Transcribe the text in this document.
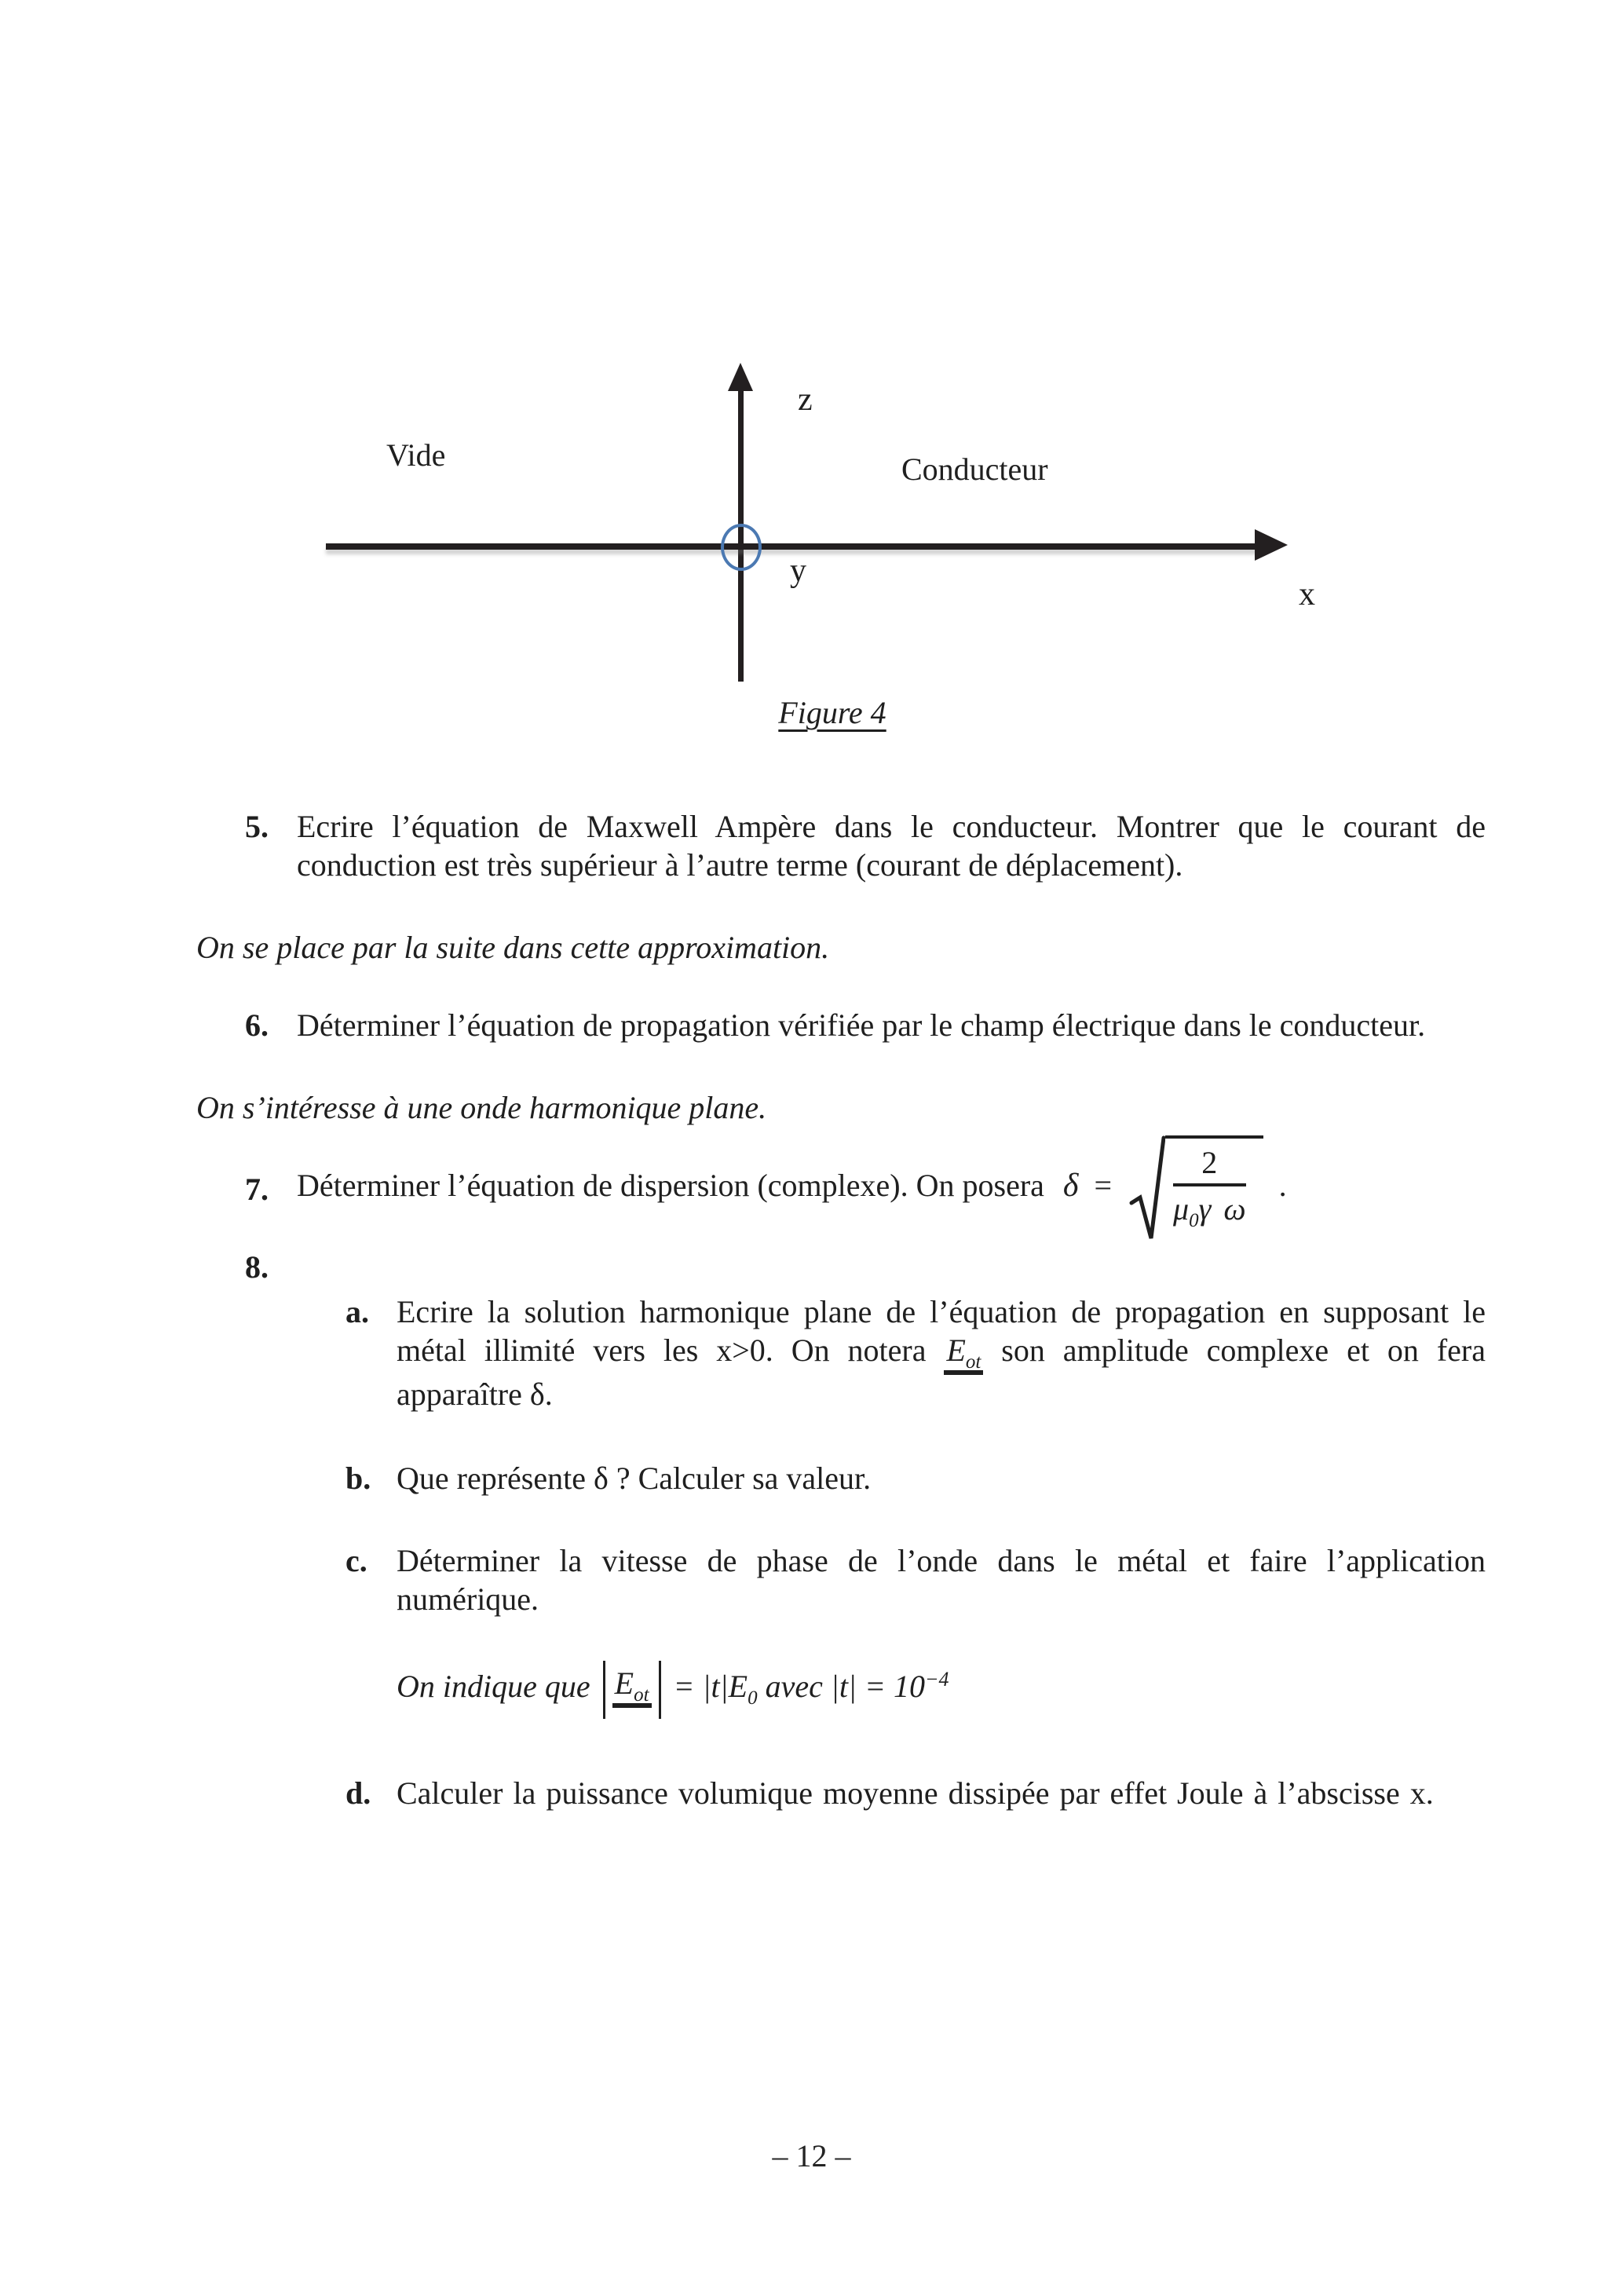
z
y
x
Vide	Conducteur
Figure 4
5. Ecrire l’équation de Maxwell Ampère dans le conducteur. Montrer que le courant de conduction est très supérieur à l’autre terme (courant de déplacement).

On se place par la suite dans cette approximation.

6. Déterminer l’équation de propagation vérifiée par le champ électrique dans le conducteur.

On s’intéresse à une onde harmonique plane.

7. Déterminer l’équation de dispersion (complexe). On posera $\delta = \frac{2}{\mu_0\gamma \omega}$ .
8.
a. Ecrire la solution harmonique plane de l’équation de propagation en supposant le métal illimité vers les x>0. On notera $E_{ot}$ son amplitude complexe et on fera apparaître δ.
b. Que représente δ ? Calculer sa valeur.
c. Déterminer la vitesse de phase de l’onde dans le métal et faire l’application numérique.
On indique que $E_{ot} = |t|E_0$ avec $|t| = 10^{-4}$
d. Calculer la puissance volumique moyenne dissipée par effet Joule à l’abscisse x.
– 12 –
